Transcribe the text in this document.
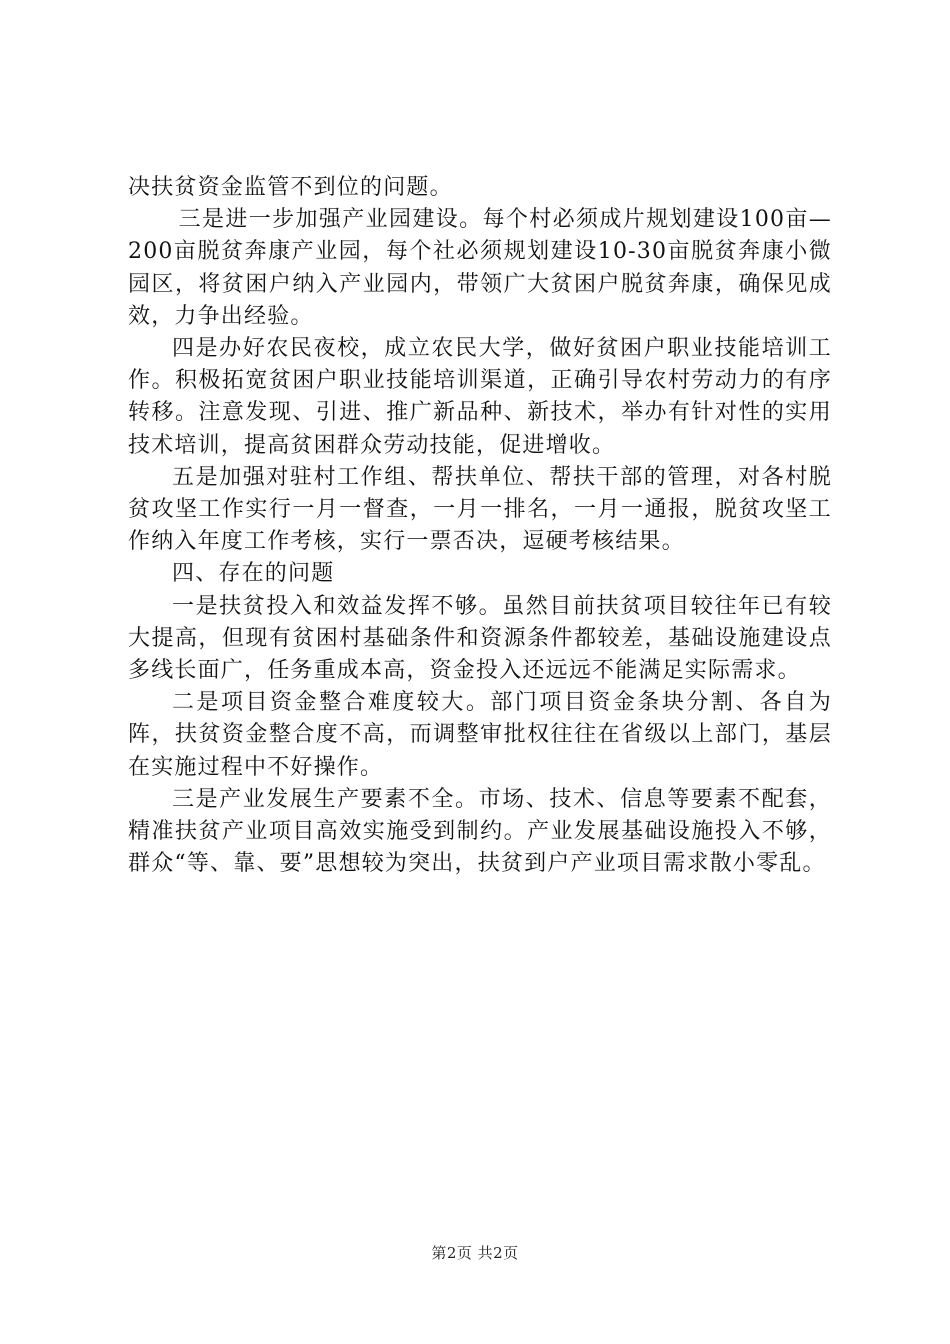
决扶贫资金监管不到位的问题。

三是进一步加强产业园建设。每个村必须成片规划建设100亩—200亩脱贫奔康产业园，每个社必须规划建设10-30亩脱贫奔康小微园区，将贫困户纳入产业园内，带领广大贫困户脱贫奔康，确保见成效，力争出经验。

四是办好农民夜校，成立农民大学，做好贫困户职业技能培训工作。积极拓宽贫困户职业技能培训渠道，正确引导农村劳动力的有序转移。注意发现、引进、推广新品种、新技术，举办有针对性的实用技术培训，提高贫困群众劳动技能，促进增收。

五是加强对驻村工作组、帮扶单位、帮扶干部的管理，对各村脱贫攻坚工作实行一月一督查，一月一排名，一月一通报，脱贫攻坚工作纳入年度工作考核，实行一票否决，逗硬考核结果。

四、存在的问题

一是扶贫投入和效益发挥不够。虽然目前扶贫项目较往年已有较大提高，但现有贫困村基础条件和资源条件都较差，基础设施建设点多线长面广，任务重成本高，资金投入还远远不能满足实际需求。

二是项目资金整合难度较大。部门项目资金条块分割、各自为阵，扶贫资金整合度不高，而调整审批权往往在省级以上部门，基层在实施过程中不好操作。

三是产业发展生产要素不全。市场、技术、信息等要素不配套，精准扶贫产业项目高效实施受到制约。产业发展基础设施投入不够，群众“等、靠、要”思想较为突出，扶贫到户产业项目需求散小零乱。

第2页 共2页
